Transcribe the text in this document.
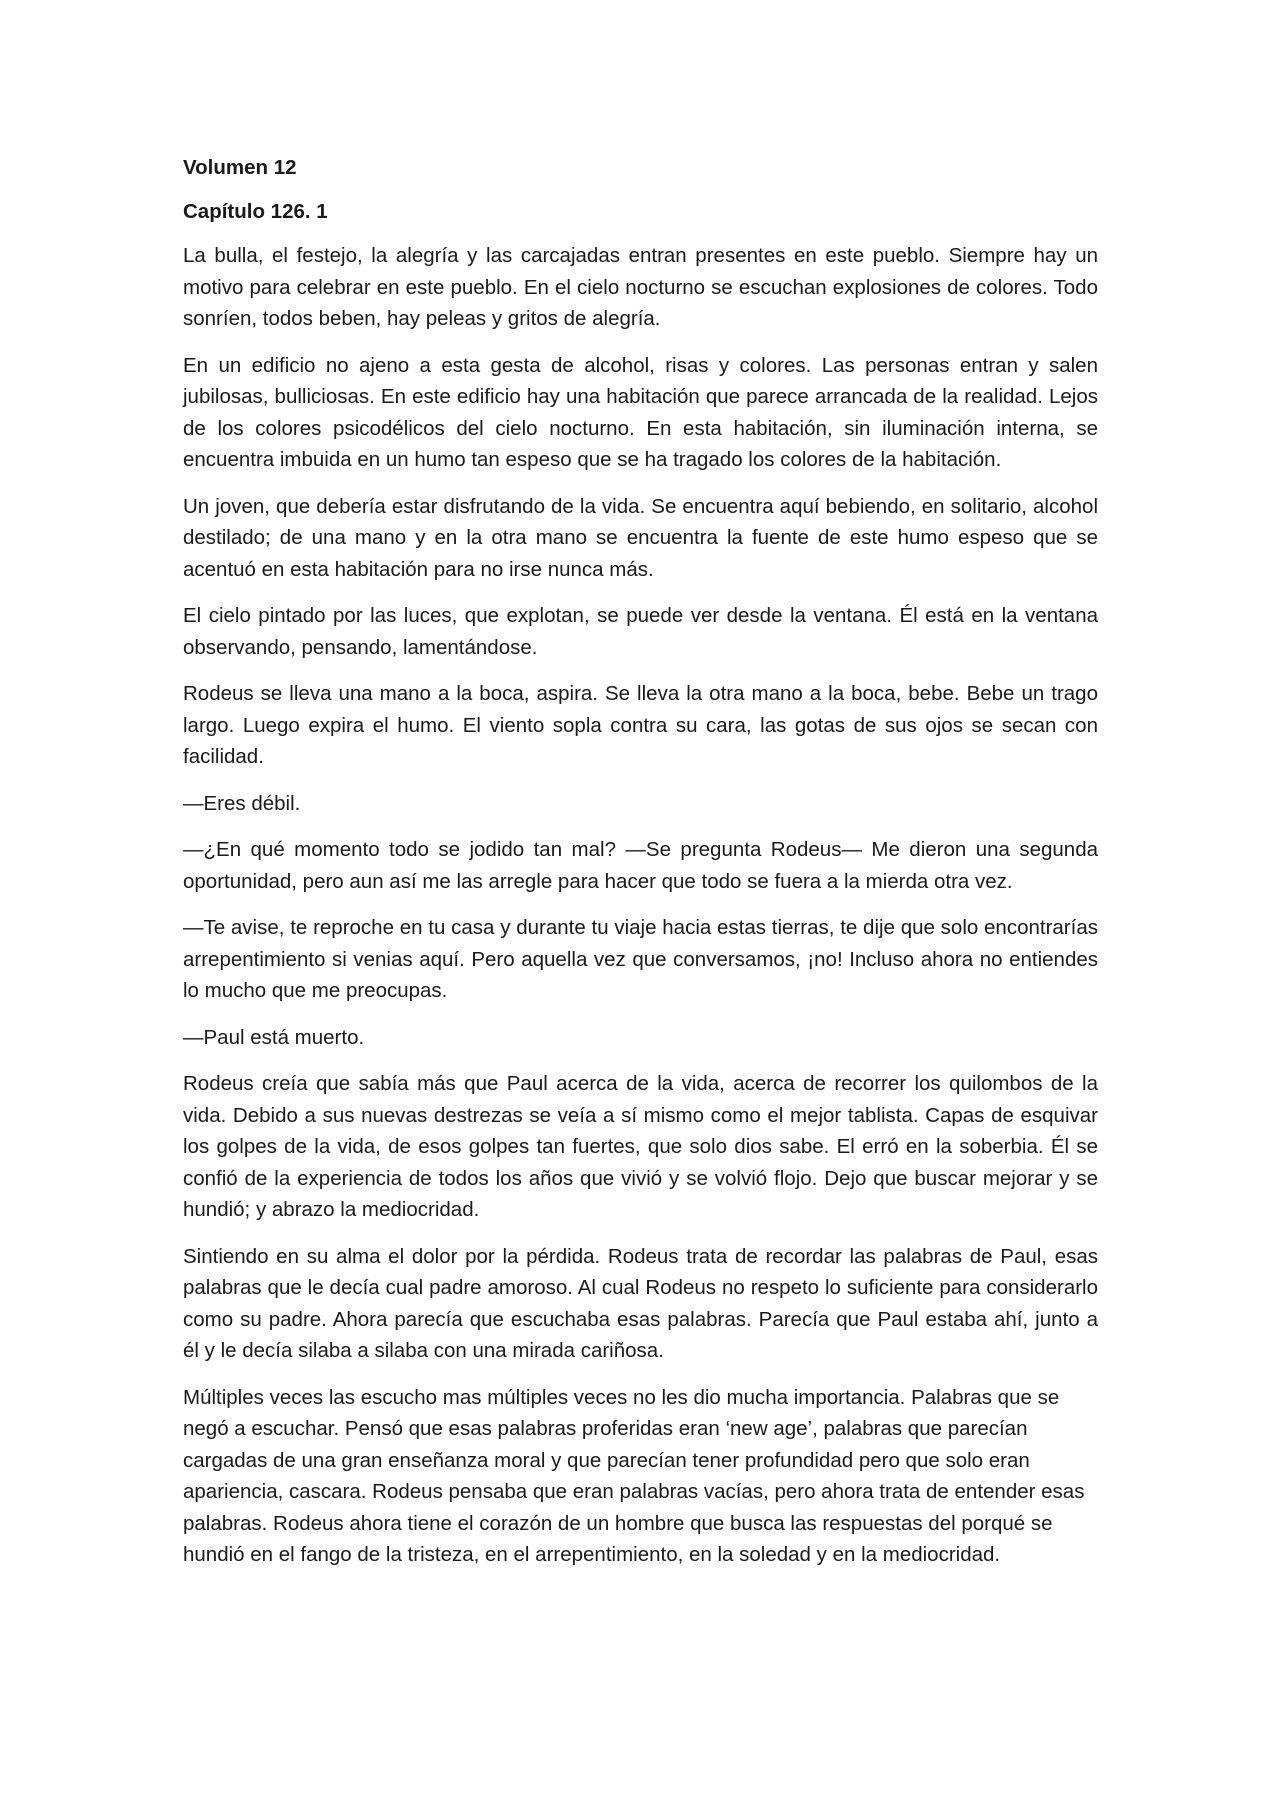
Volumen 12
Capítulo 126. 1

La bulla, el festejo, la alegría y las carcajadas entran presentes en este pueblo. Siempre hay un motivo para celebrar en este pueblo. En el cielo nocturno se escuchan explosiones de colores. Todo sonríen, todos beben, hay peleas y gritos de alegría.

En un edificio no ajeno a esta gesta de alcohol, risas y colores. Las personas entran y salen jubilosas, bulliciosas. En este edificio hay una habitación que parece arrancada de la realidad. Lejos de los colores psicodélicos del cielo nocturno. En esta habitación, sin iluminación interna, se encuentra imbuida en un humo tan espeso que se ha tragado los colores de la habitación.

Un joven, que debería estar disfrutando de la vida. Se encuentra aquí bebiendo, en solitario, alcohol destilado; de una mano y en la otra mano se encuentra la fuente de este humo espeso que se acentuó en esta habitación para no irse nunca más.

El cielo pintado por las luces, que explotan, se puede ver desde la ventana. Él está en la ventana observando, pensando, lamentándose.

Rodeus se lleva una mano a la boca, aspira. Se lleva la otra mano a la boca, bebe. Bebe un trago largo. Luego expira el humo. El viento sopla contra su cara, las gotas de sus ojos se secan con facilidad.

—Eres débil.

—¿En qué momento todo se jodido tan mal? —Se pregunta Rodeus— Me dieron una segunda oportunidad, pero aun así me las arregle para hacer que todo se fuera a la mierda otra vez.

—Te avise, te reproche en tu casa y durante tu viaje hacia estas tierras, te dije que solo encontrarías arrepentimiento si venias aquí. Pero aquella vez que conversamos, ¡no! Incluso ahora no entiendes lo mucho que me preocupas.

—Paul está muerto.

Rodeus creía que sabía más que Paul acerca de la vida, acerca de recorrer los quilombos de la vida. Debido a sus nuevas destrezas se veía a sí mismo como el mejor tablista. Capas de esquivar los golpes de la vida, de esos golpes tan fuertes, que solo dios sabe. El erró en la soberbia. Él se confió de la experiencia de todos los años que vivió y se volvió flojo. Dejo que buscar mejorar y se hundió; y abrazo la mediocridad.

Sintiendo en su alma el dolor por la pérdida. Rodeus trata de recordar las palabras de Paul, esas palabras que le decía cual padre amoroso. Al cual Rodeus no respeto lo suficiente para considerarlo como su padre. Ahora parecía que escuchaba esas palabras. Parecía que Paul estaba ahí, junto a él y le decía silaba a silaba con una mirada cariñosa.

Múltiples veces las escucho mas múltiples veces no les dio mucha importancia. Palabras que se negó a escuchar. Pensó que esas palabras proferidas eran ‘new age’, palabras que parecían cargadas de una gran enseñanza moral y que parecían tener profundidad pero que solo eran apariencia, cascara. Rodeus pensaba que eran palabras vacías, pero ahora trata de entender esas palabras. Rodeus ahora tiene el corazón de un hombre que busca las respuestas del porqué se hundió en el fango de la tristeza, en el arrepentimiento, en la soledad y en la mediocridad.
